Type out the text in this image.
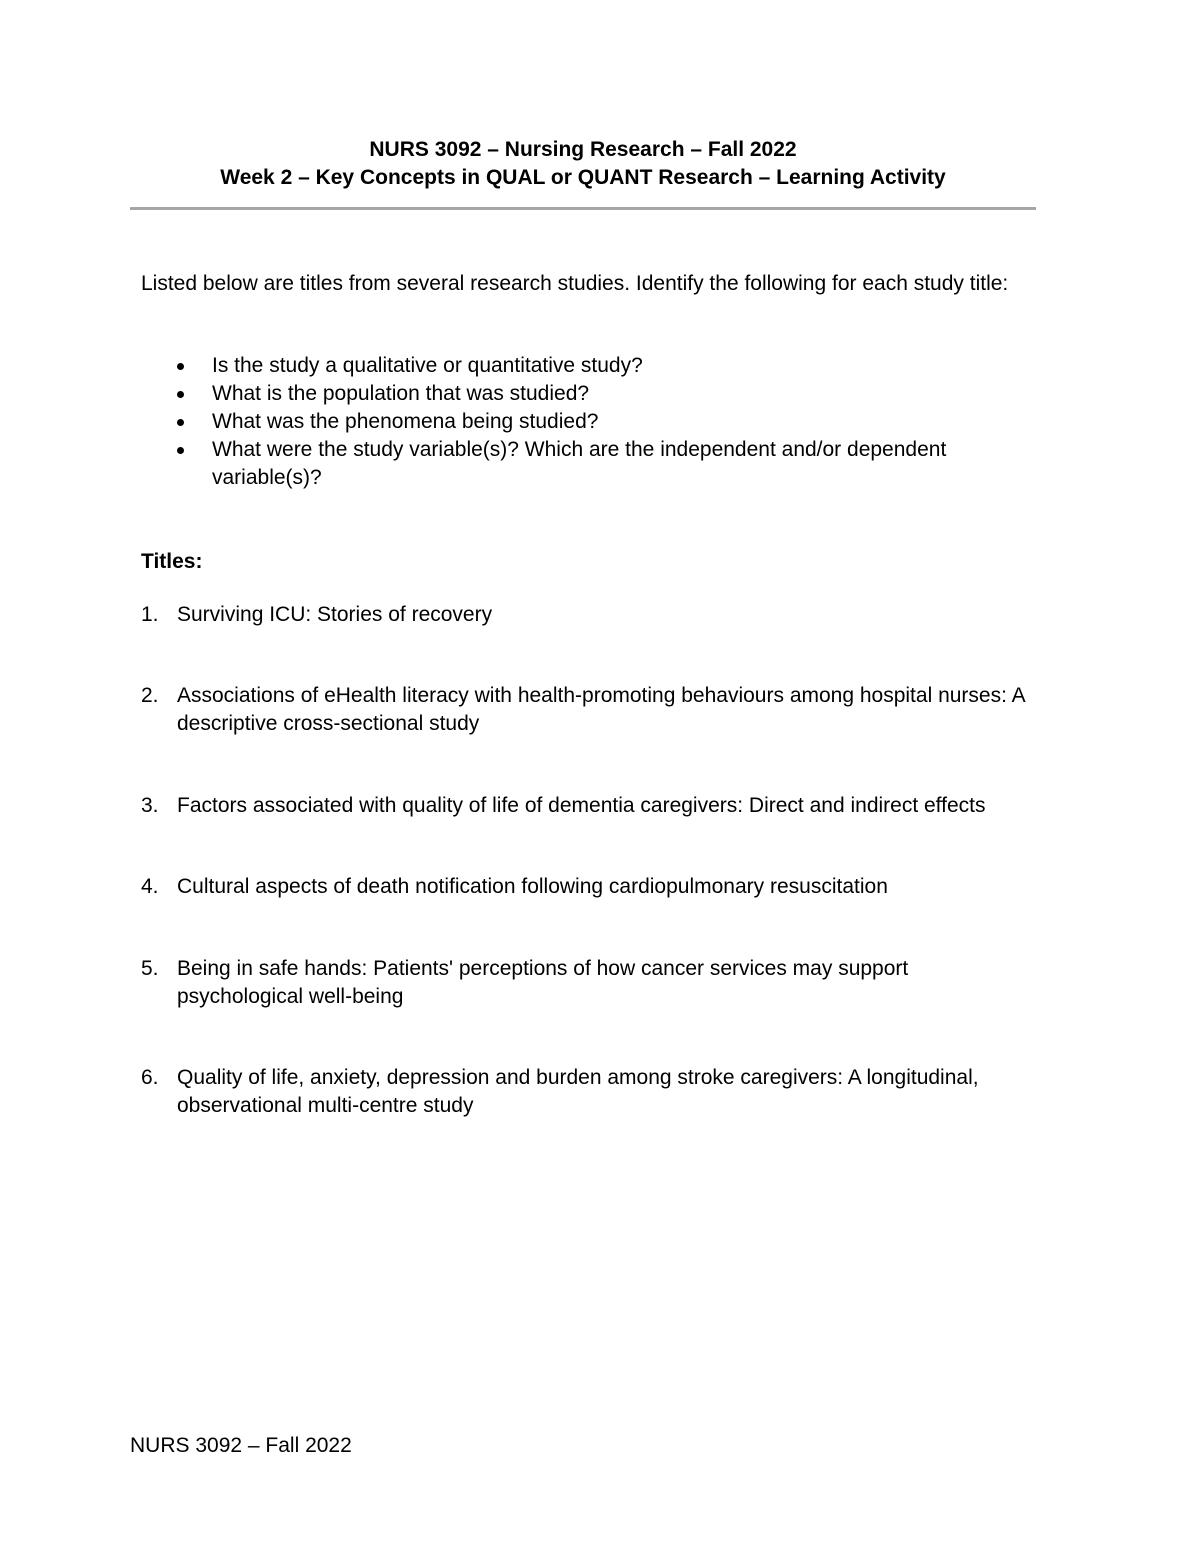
NURS 3092 – Nursing Research – Fall 2022
Week 2 – Key Concepts in QUAL or QUANT Research – Learning Activity

Listed below are titles from several research studies. Identify the following for each study title:

Is the study a qualitative or quantitative study?
What is the population that was studied?
What was the phenomena being studied?
What were the study variable(s)? Which are the independent and/or dependent variable(s)?

Titles:

1. Surviving ICU: Stories of recovery
2. Associations of eHealth literacy with health-promoting behaviours among hospital nurses: A descriptive cross-sectional study
3. Factors associated with quality of life of dementia caregivers: Direct and indirect effects
4. Cultural aspects of death notification following cardiopulmonary resuscitation
5. Being in safe hands: Patients' perceptions of how cancer services may support psychological well-being
6. Quality of life, anxiety, depression and burden among stroke caregivers: A longitudinal, observational multi-centre study
NURS 3092 – Fall 2022
